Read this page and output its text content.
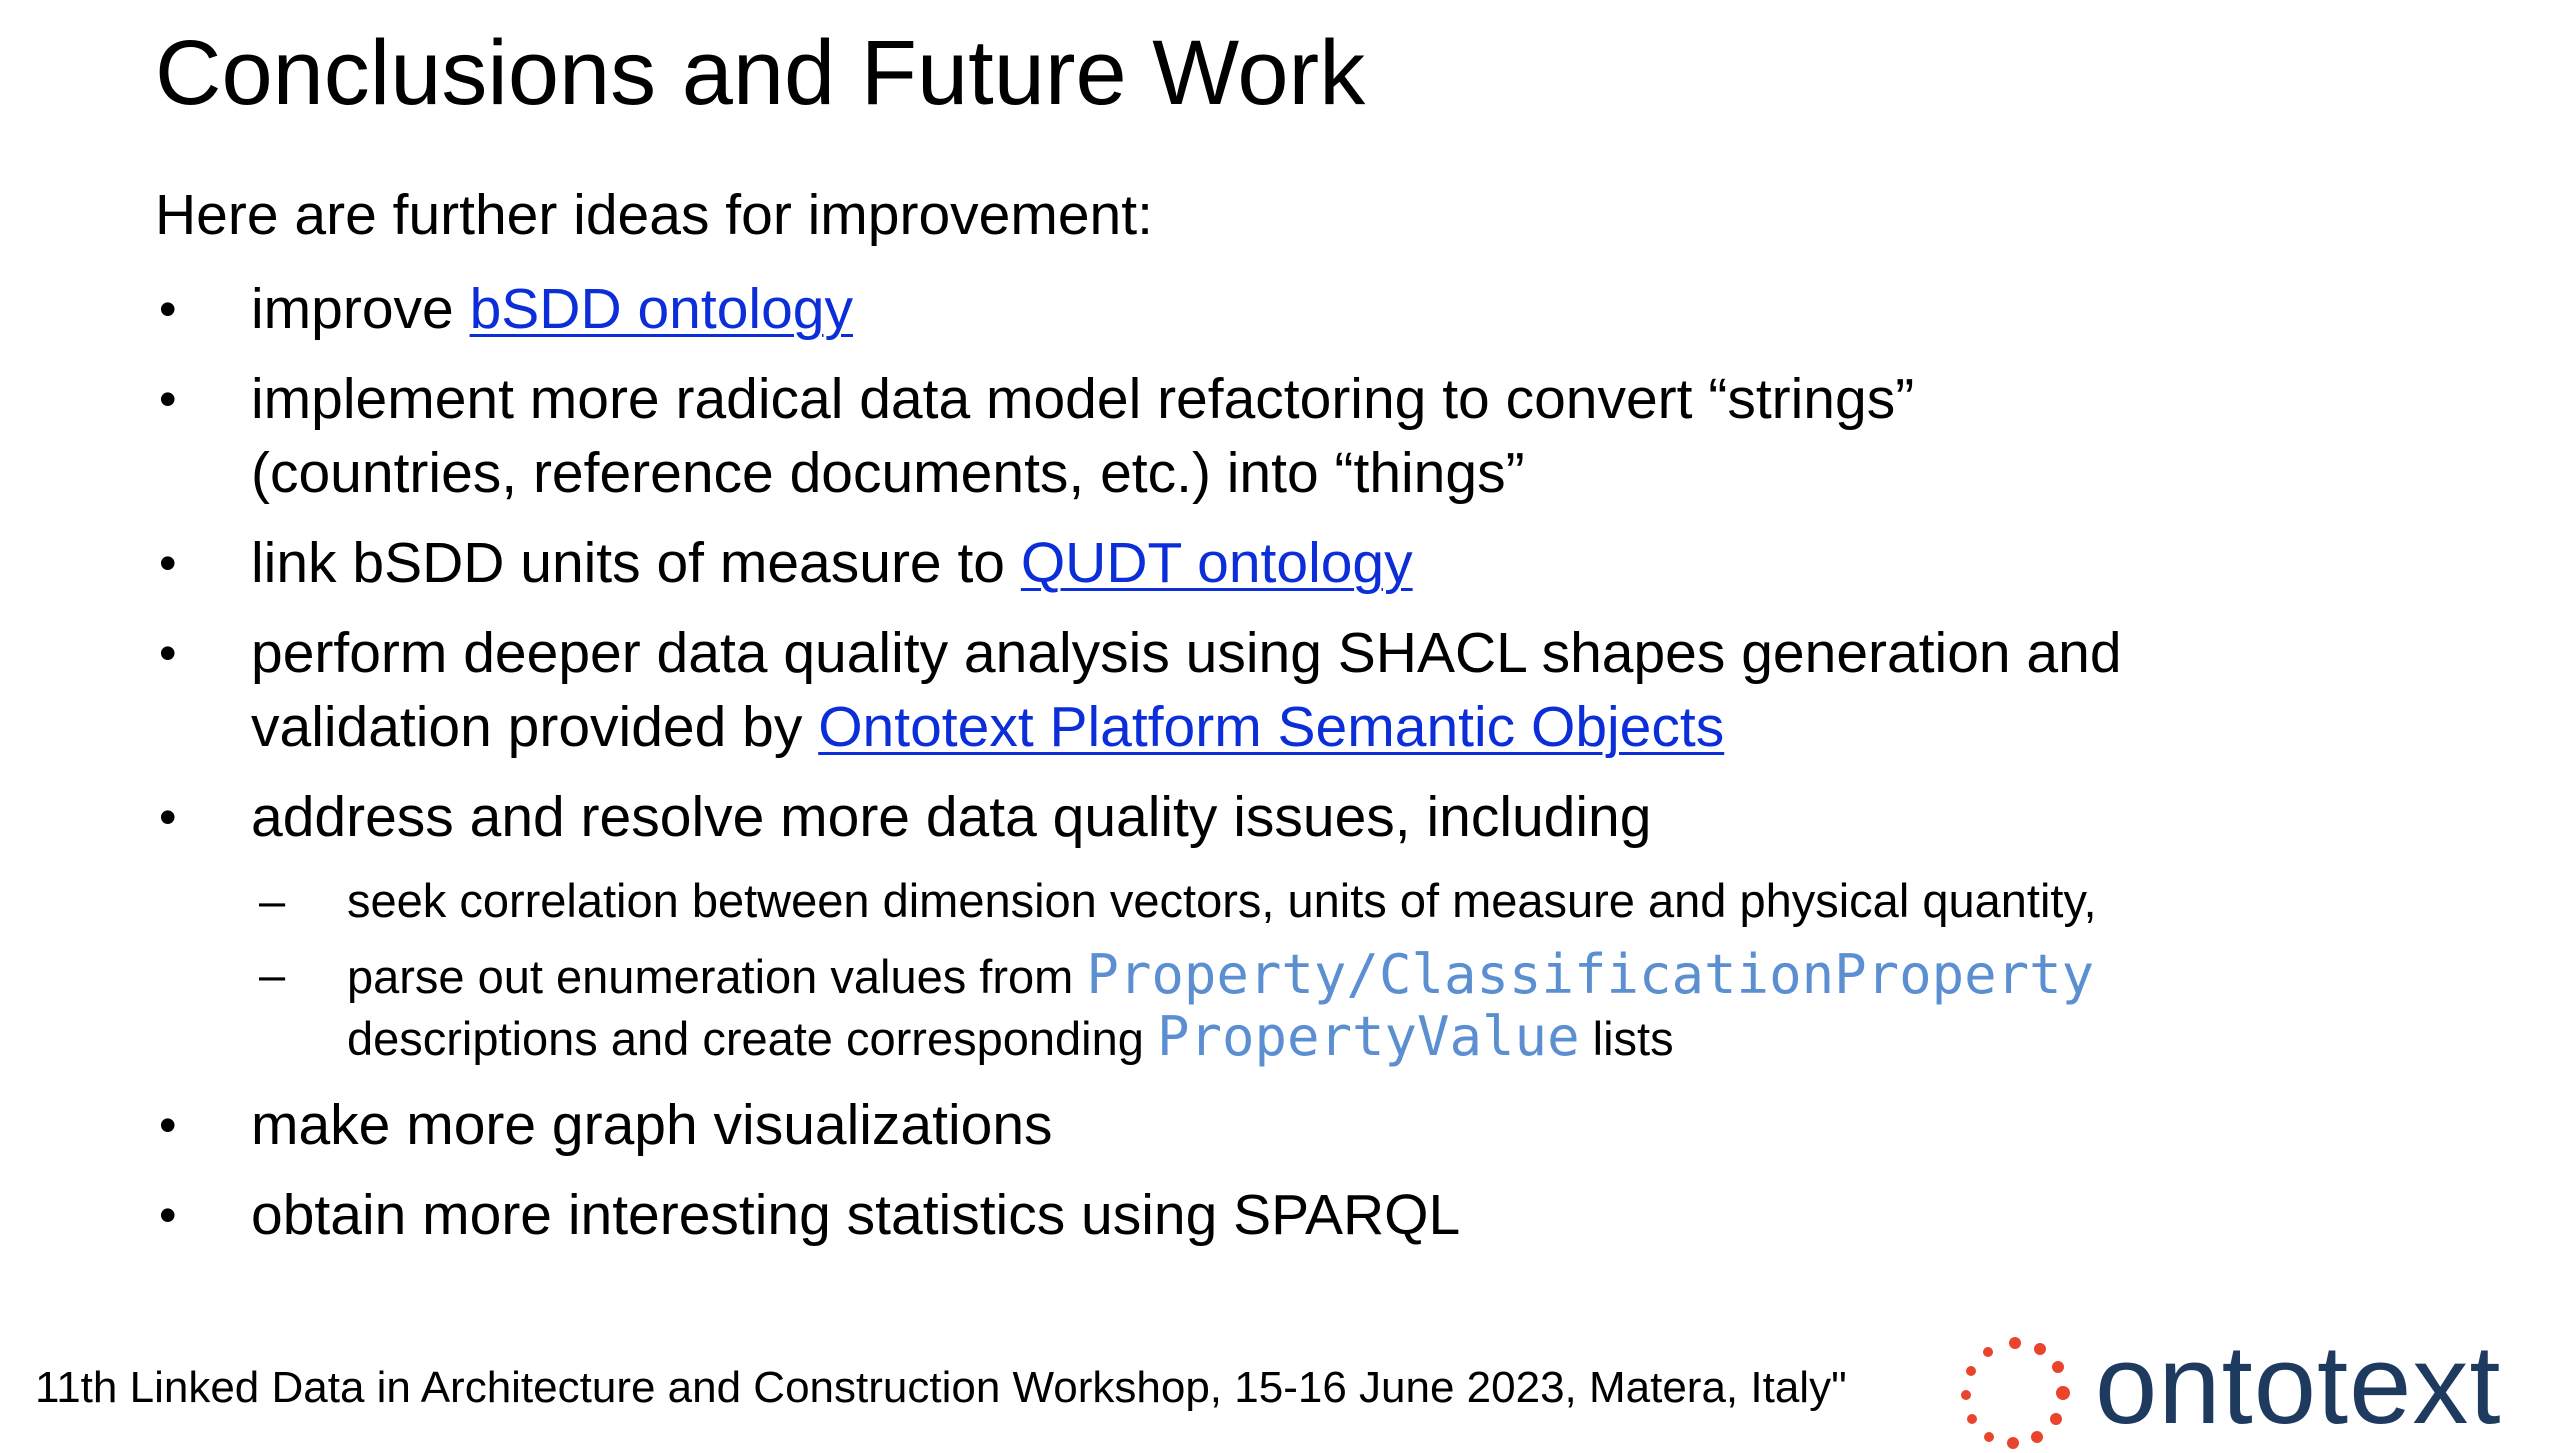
Conclusions and Future Work
Here are further ideas for improvement:
•	improve bSDD ontology
•	implement more radical data model refactoring to convert “strings”
(countries, reference documents, etc.) into “things”
•	link bSDD units of measure to QUDT ontology
•	perform deeper data quality analysis using SHACL shapes generation and
validation provided by Ontotext Platform Semantic Objects
•	address and resolve more data quality issues, including
–	seek correlation between dimension vectors, units of measure and physical quantity,
–	parse out enumeration values from Property/ClassificationProperty
descriptions and create corresponding PropertyValue lists
•	make more graph visualizations
•	obtain more interesting statistics using SPARQL
11th Linked Data in Architecture and Construction Workshop, 15-16 June 2023, Matera, Italy" ontotext
